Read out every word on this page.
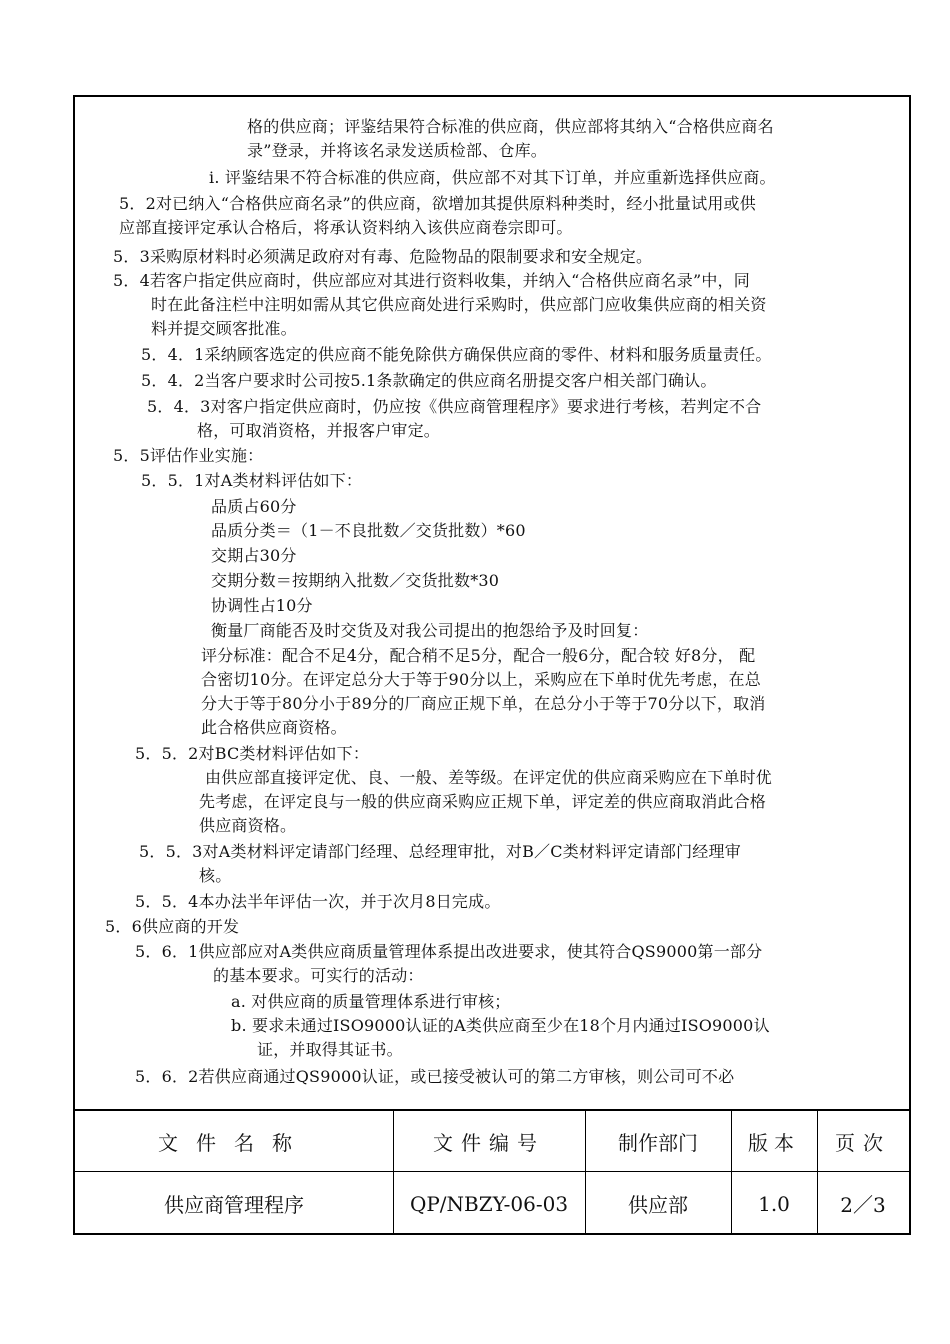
格的供应商；评鉴结果符合标准的供应商，供应部将其纳入“合格供应商名
录”登录，并将该名录发送质检部、仓库。
i. 评鉴结果不符合标准的供应商，供应部不对其下订单，并应重新选择供应商。
5．2对已纳入“合格供应商名录”的供应商，欲增加其提供原料种类时，经小批量试用或供
应部直接评定承认合格后，将承认资料纳入该供应商卷宗即可。
5．3采购原材料时必须满足政府对有毒、危险物品的限制要求和安全规定。
5．4若客户指定供应商时，供应部应对其进行资料收集，并纳入“合格供应商名录”中，同
时在此备注栏中注明如需从其它供应商处进行采购时，供应部门应收集供应商的相关资
料并提交顾客批准。
5．4．1采纳顾客选定的供应商不能免除供方确保供应商的零件、材料和服务质量责任。
5．4．2当客户要求时公司按5.1条款确定的供应商名册提交客户相关部门确认。
5．4．3对客户指定供应商时，仍应按《供应商管理程序》要求进行考核，若判定不合
格，可取消资格，并报客户审定。
5．5评估作业实施：
5．5．1对A类材料评估如下：
品质占60分
品质分类＝（1－不良批数／交货批数）*60
交期占30分
交期分数＝按期纳入批数／交货批数*30
协调性占10分
衡量厂商能否及时交货及对我公司提出的抱怨给予及时回复：
评分标准：配合不足4分，配合稍不足5分，配合一般6分，配合较 好8分， 配
合密切10分。在评定总分大于等于90分以上，采购应在下单时优先考虑，在总
分大于等于80分小于89分的厂商应正规下单，在总分小于等于70分以下，取消
此合格供应商资格。
5．5．2对BC类材料评估如下：
由供应部直接评定优、良、一般、差等级。在评定优的供应商采购应在下单时优
先考虑，在评定良与一般的供应商采购应正规下单，评定差的供应商取消此合格
供应商资格。
5．5．3对A类材料评定请部门经理、总经理审批，对B／C类材料评定请部门经理审
核。
5．5．4本办法半年评估一次，并于次月8日完成。
5．6供应商的开发
5．6．1供应部应对A类供应商质量管理体系提出改进要求，使其符合QS9000第一部分
的基本要求。可实行的活动：
a. 对供应商的质量管理体系进行审核；
b. 要求未通过ISO9000认证的A类供应商至少在18个月内通过ISO9000认
证，并取得其证书。
5．6．2若供应商通过QS9000认证，或已接受被认可的第二方审核，则公司可不必
文件名称	文件编号	制作部门	版本	页次
供应商管理程序	QP/NBZY-06-03	供应部	1.0	2／3
